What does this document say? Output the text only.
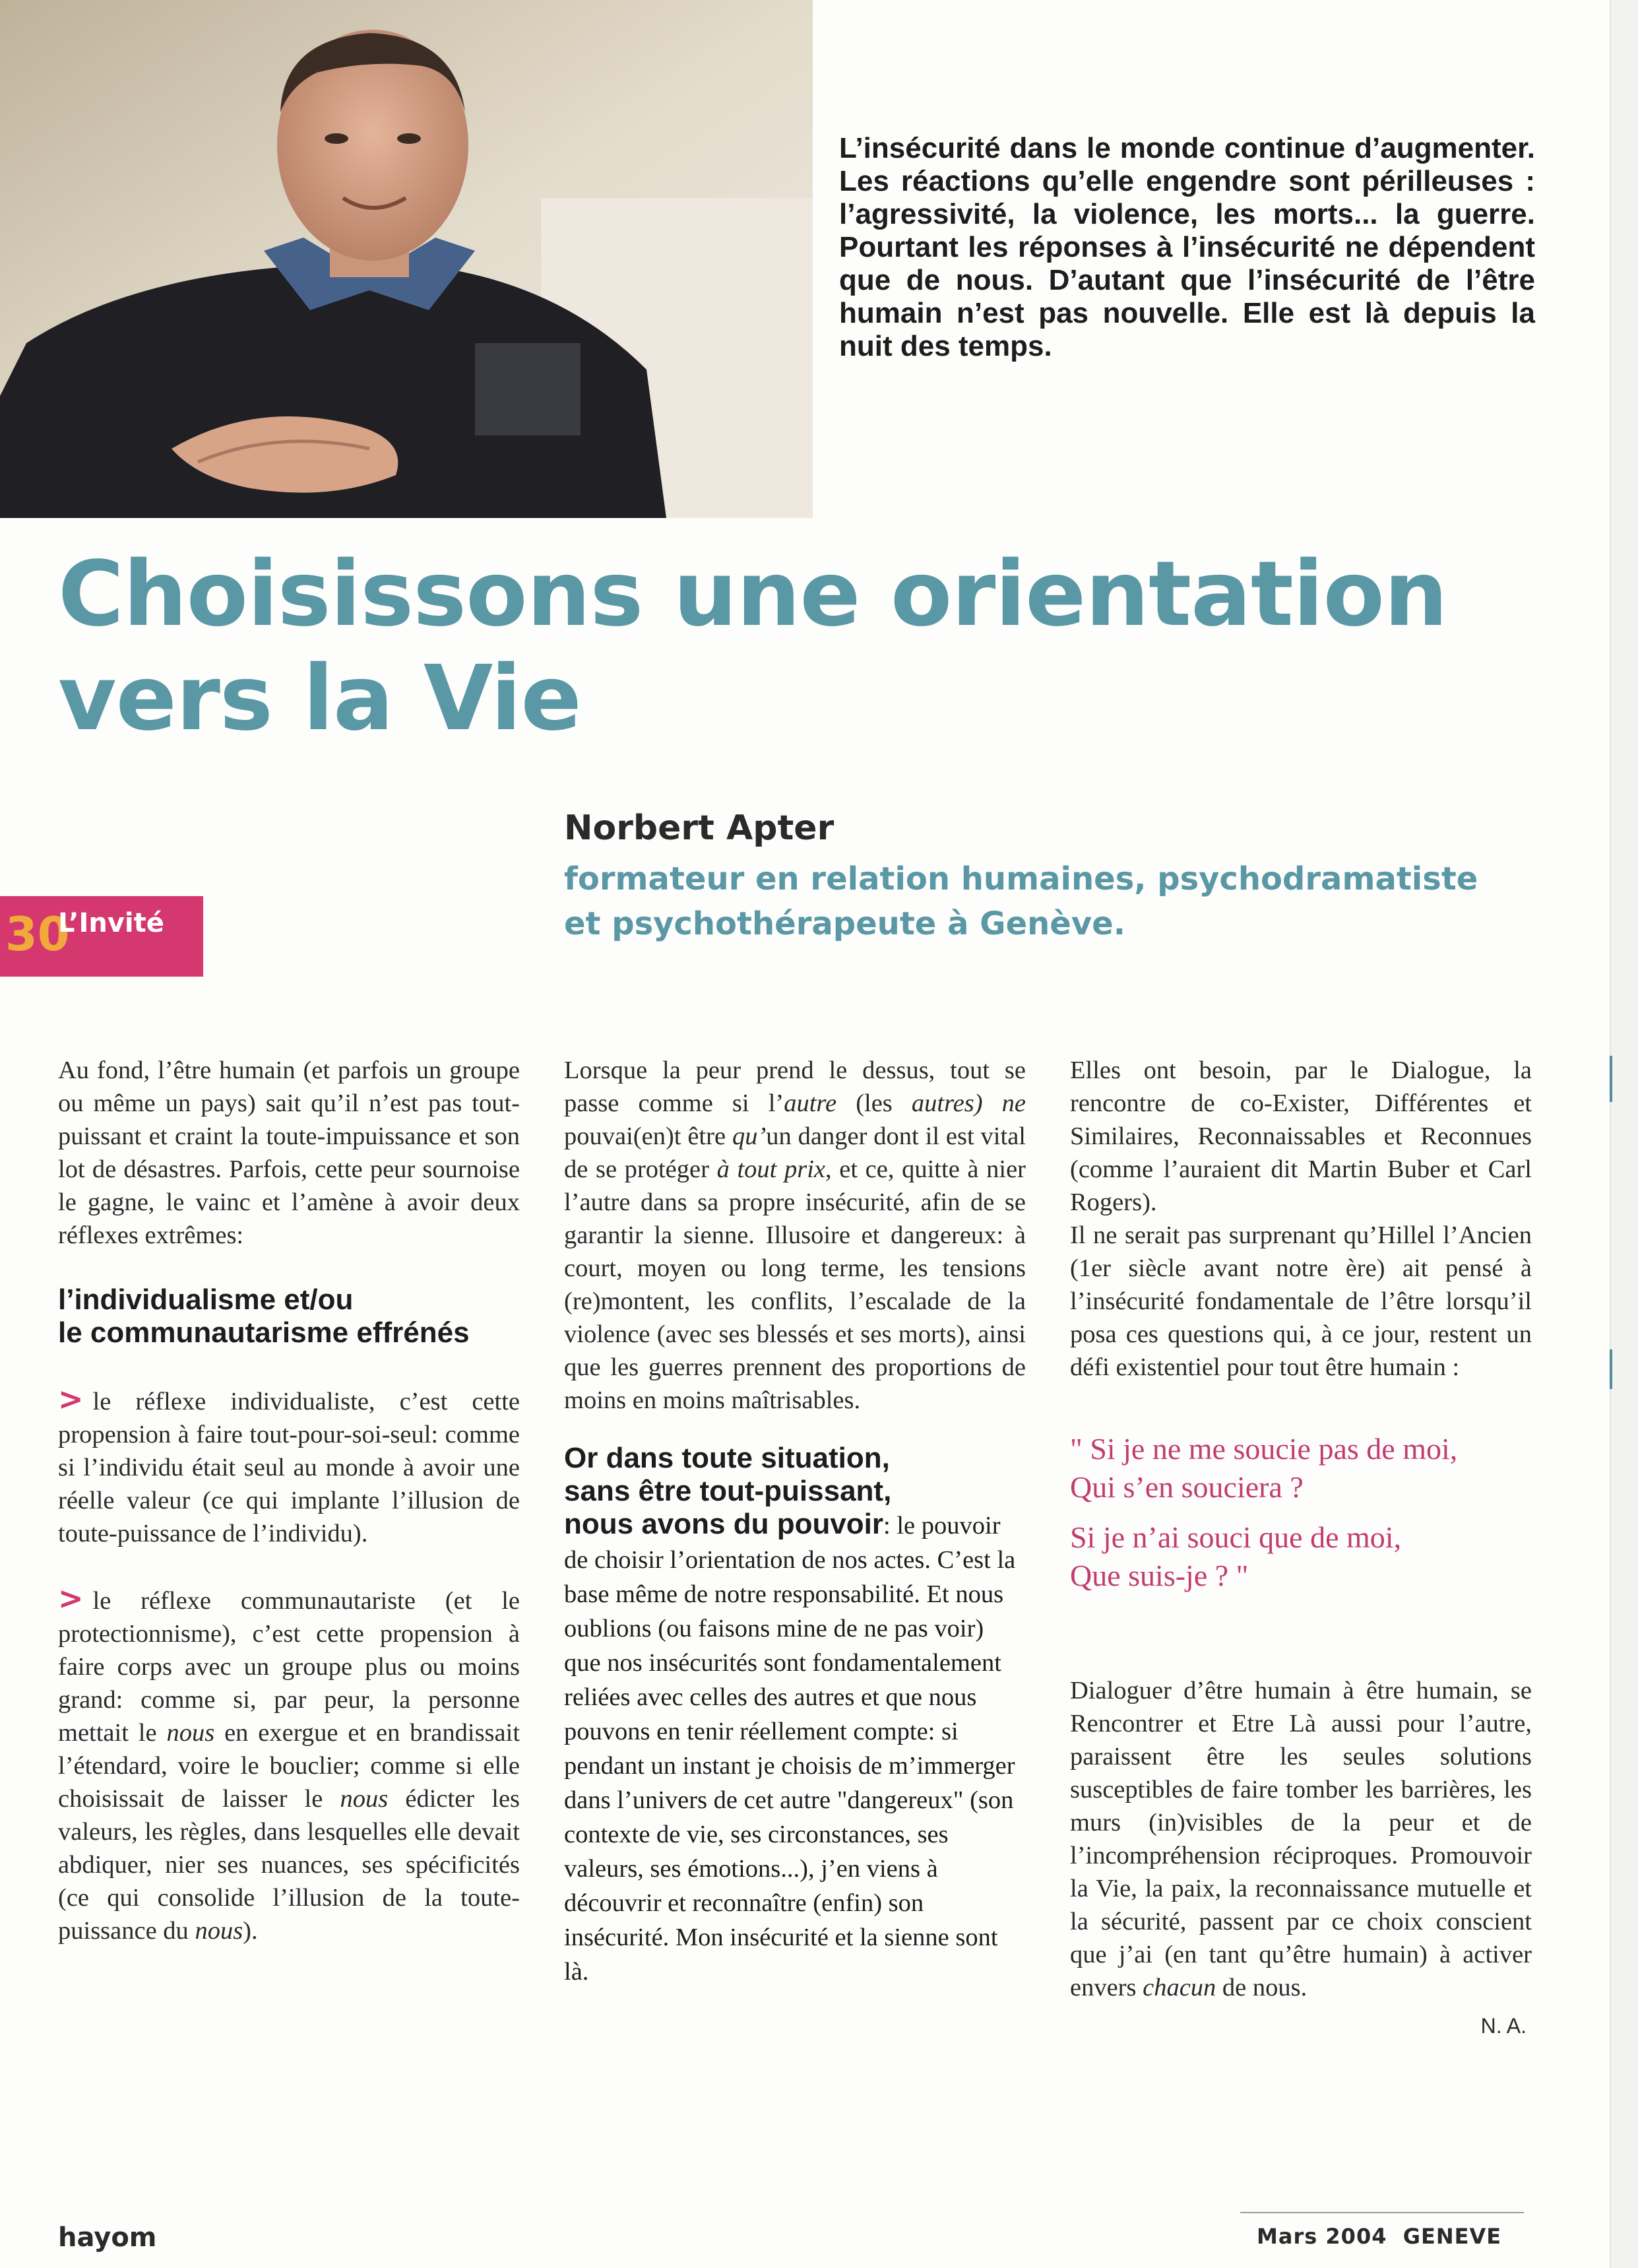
L’insécurité dans le monde continue d’augmenter. Les réactions qu’elle engendre sont périlleuses : l’agressivité, la violence, les morts... la guerre. Pourtant les réponses à l’insécurité ne dépendent que de nous. D’autant que l’insécurité de l’être humain n’est pas nouvelle. Elle est là depuis la nuit des temps.
Choisissons une orientation
vers la Vie
Norbert Apter
formateur en relation humaines, psychodramatiste
et psychothérapeute à Genève.
30
L’Invité

Au fond, l’être humain (et parfois un groupe ou même un pays) sait qu’il n’est pas tout-puissant et craint la toute-impuissance et son lot de désastres. Parfois, cette peur sournoise le gagne, le vainc et l’amène à avoir deux réflexes extrêmes:

l’individualisme et/ou
le communautarisme effrénés

> le réflexe individualiste, c’est cette propension à faire tout-pour-soi-seul: comme si l’individu était seul au monde à avoir une réelle valeur (ce qui implante l’illusion de toute-puissance de l’individu).

> le réflexe communautariste (et le protectionnisme), c’est cette propension à faire corps avec un groupe plus ou moins grand: comme si, par peur, la personne mettait le nous en exergue et en brandissait l’étendard, voire le bouclier; comme si elle choisissait de laisser le nous édicter les valeurs, les règles, dans lesquelles elle devait abdiquer, nier ses nuances, ses spécificités (ce qui consolide l’illusion de la toute-puissance du nous).

Lorsque la peur prend le dessus, tout se passe comme si l’autre (les autres) ne pouvai(en)t être qu’un danger dont il est vital de se protéger à tout prix, et ce, quitte à nier l’autre dans sa propre insécurité, afin de se garantir la sienne. Illusoire et dangereux: à court, moyen ou long terme, les tensions (re)montent, les conflits, l’escalade de la violence (avec ses blessés et ses morts), ainsi que les guerres prennent des proportions de moins en moins maîtrisables.

Or dans toute situation,
sans être tout-puissant,
nous avons du pouvoir: le pouvoir de choisir l’orientation de nos actes. C’est la base même de notre responsabilité. Et nous oublions (ou faisons mine de ne pas voir) que nos insécurités sont fondamentalement reliées avec celles des autres et que nous pouvons en tenir réellement compte: si pendant un instant je choisis de m’immerger dans l’univers de cet autre "dangereux" (son contexte de vie, ses circonstances, ses valeurs, ses émotions...), j’en viens à découvrir et reconnaître (enfin) son insécurité. Mon insécurité et la sienne sont là.

Elles ont besoin, par le Dialogue, la rencontre de co-Exister, Différentes et Similaires, Reconnaissables et Reconnues (comme l’auraient dit Martin Buber et Carl Rogers).

Il ne serait pas surprenant qu’Hillel l’Ancien (1er siècle avant notre ère) ait pensé à l’insécurité fondamentale de l’être lorsqu’il posa ces questions qui, à ce jour, restent un défi existentiel pour tout être humain :

" Si je ne me soucie pas de moi,

Qui s’en souciera ?

Si je n’ai souci que de moi,

Que suis-je ? "

Dialoguer d’être humain à être humain, se Rencontrer et Etre Là aussi pour l’autre, paraissent être les seules solutions susceptibles de faire tomber les barrières, les murs (in)visibles de la peur et de l’incompréhension réciproques. Promouvoir la Vie, la paix, la reconnaissance mutuelle et la sécurité, passent par ce choix conscient que j’ai (en tant qu’être humain) à activer envers chacun de nous.

N. A.

hayom	Mars 2004 GENEVE
